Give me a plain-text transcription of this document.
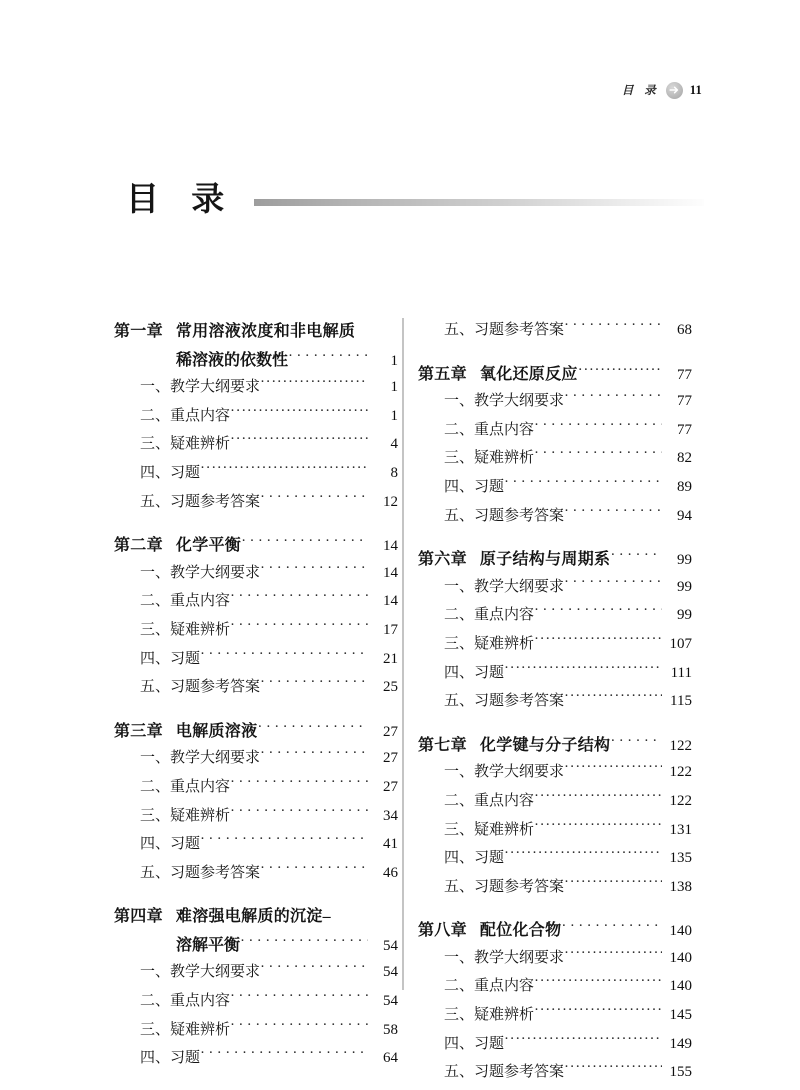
目 录 11
目 录
第一章 常用溶液浓度和非电解质
稀溶液的依数性 ·····	1
一、教学大纲要求 ·····	1
二、重点内容 ·····	1
三、疑难辨析 ·····	4
四、习题 ·····	8
五、习题参考答案 ·····	12
第二章 化学平衡 ·····	14
一、教学大纲要求 ·····	14
二、重点内容 ·····	14
三、疑难辨析 ·····	17
四、习题 ·····	21
五、习题参考答案 ·····	25
第三章 电解质溶液 ·····	27
一、教学大纲要求 ·····	27
二、重点内容 ·····	27
三、疑难辨析 ·····	34
四、习题 ·····	41
五、习题参考答案 ·····	46
第四章 难溶强电解质的沉淀–
溶解平衡 ·····	54
一、教学大纲要求 ·····	54
二、重点内容 ·····	54
三、疑难辨析 ·····	58
四、习题 ·····	64
五、习题参考答案 ·····	68
第五章 氧化还原反应 ·····	77
一、教学大纲要求 ·····	77
二、重点内容 ·····	77
三、疑难辨析 ·····	82
四、习题 ·····	89
五、习题参考答案 ·····	94
第六章 原子结构与周期系 ·····	99
一、教学大纲要求 ·····	99
二、重点内容 ·····	99
三、疑难辨析 ·····	107
四、习题 ·····	111
五、习题参考答案 ·····	115
第七章 化学键与分子结构 ·····	122
一、教学大纲要求 ·····	122
二、重点内容 ·····	122
三、疑难辨析 ·····	131
四、习题 ·····	135
五、习题参考答案 ·····	138
第八章 配位化合物 ·····	140
一、教学大纲要求 ·····	140
二、重点内容 ·····	140
三、疑难辨析 ·····	145
四、习题 ·····	149
五、习题参考答案 ·····	155
